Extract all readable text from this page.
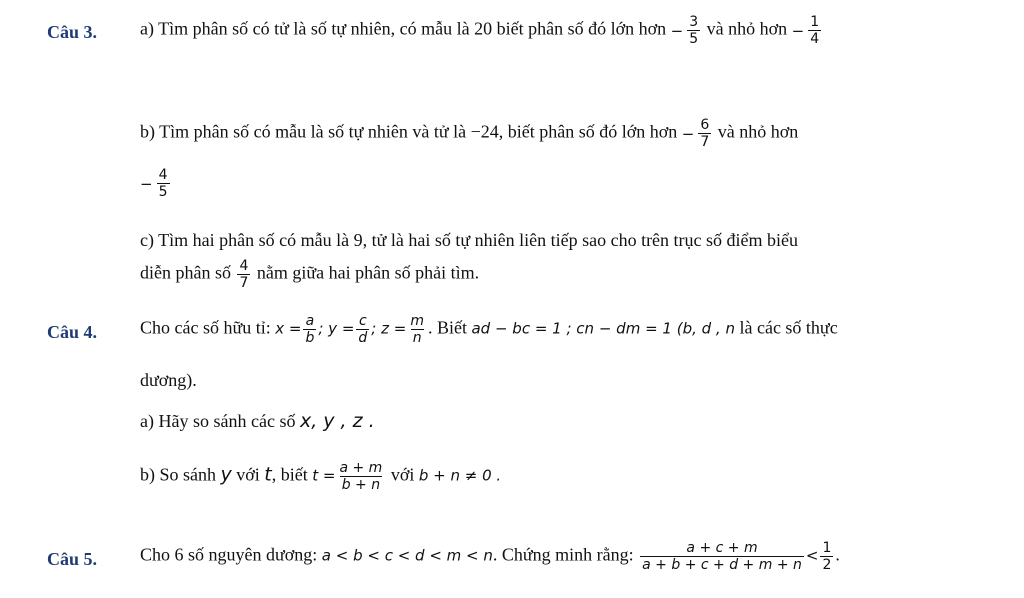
Câu 3. a) Tìm phân số có tử là số tự nhiên, có mẫu là 20 biết phân số đó lớn hơn − $\frac{3}{5}$ và nhỏ hơn − $\frac{1}{4}$
b) Tìm phân số có mẫu là số tự nhiên và tử là −24, biết phân số đó lớn hơn − $\frac{6}{7}$ và nhỏ hơn
− $\frac{4}{5}$
c) Tìm hai phân số có mẫu là 9, tử là hai số tự nhiên liên tiếp sao cho trên trục số điểm biểu
diễn phân số $\frac{4}{7}$ nằm giữa hai phân số phải tìm.
Câu 4. Cho các số hữu tỉ: $x = \frac{a}{b}$ ; $y = \frac{c}{d}$ ; $z = \frac{m}{n}$ . Biết ad − bc = 1 ; cn − dm = 1 (b, d , n là các số thực
dương).
a) Hãy so sánh các số x, y , z .
b) So sánh y với t, biết $t = \frac{a + m}{b + n}$ với b + n ≠ 0 .
Câu 5. Cho 6 số nguyên dương: a < b < c < d < m < n. Chứng minh rằng: $\frac{a + c + m}{a + b + c + d + m + n} < \frac{1}{2}$ .
